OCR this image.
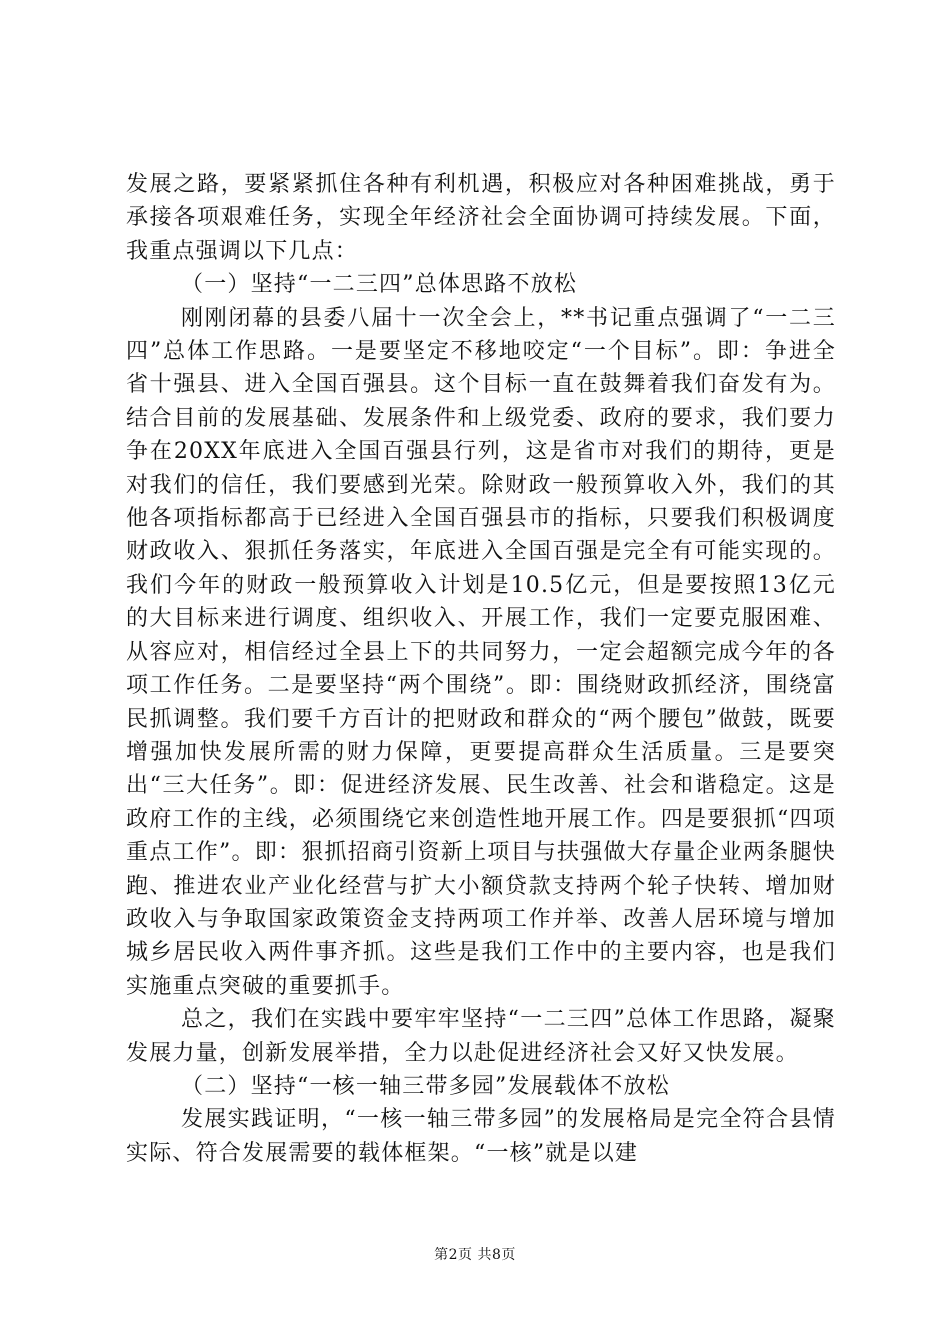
发展之路，要紧紧抓住各种有利机遇，积极应对各种困难挑战，勇于承接各项艰难任务，实现全年经济社会全面协调可持续发展。下面，我重点强调以下几点：

（一）坚持“一二三四”总体思路不放松

刚刚闭幕的县委八届十一次全会上，**书记重点强调了“一二三四”总体工作思路。一是要坚定不移地咬定“一个目标”。即：争进全省十强县、进入全国百强县。这个目标一直在鼓舞着我们奋发有为。结合目前的发展基础、发展条件和上级党委、政府的要求，我们要力争在20XX年底进入全国百强县行列，这是省市对我们的期待，更是对我们的信任，我们要感到光荣。除财政一般预算收入外，我们的其他各项指标都高于已经进入全国百强县市的指标，只要我们积极调度财政收入、狠抓任务落实，年底进入全国百强是完全有可能实现的。我们今年的财政一般预算收入计划是10.5亿元，但是要按照13亿元的大目标来进行调度、组织收入、开展工作，我们一定要克服困难、从容应对，相信经过全县上下的共同努力，一定会超额完成今年的各项工作任务。二是要坚持“两个围绕”。即：围绕财政抓经济，围绕富民抓调整。我们要千方百计的把财政和群众的“两个腰包”做鼓，既要增强加快发展所需的财力保障，更要提高群众生活质量。三是要突出“三大任务”。即：促进经济发展、民生改善、社会和谐稳定。这是政府工作的主线，必须围绕它来创造性地开展工作。四是要狠抓“四项重点工作”。即：狠抓招商引资新上项目与扶强做大存量企业两条腿快跑、推进农业产业化经营与扩大小额贷款支持两个轮子快转、增加财政收入与争取国家政策资金支持两项工作并举、改善人居环境与增加城乡居民收入两件事齐抓。这些是我们工作中的主要内容，也是我们实施重点突破的重要抓手。

总之，我们在实践中要牢牢坚持“一二三四”总体工作思路，凝聚发展力量，创新发展举措，全力以赴促进经济社会又好又快发展。

（二）坚持“一核一轴三带多园”发展载体不放松

发展实践证明，“一核一轴三带多园”的发展格局是完全符合县情实际、符合发展需要的载体框架。“一核”就是以建

第2页 共8页
